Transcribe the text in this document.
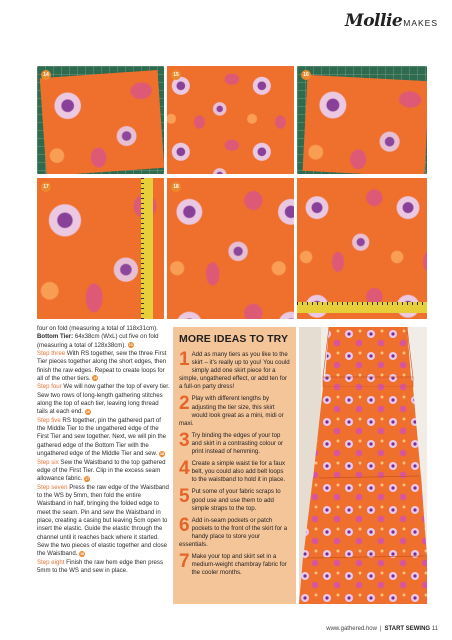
Mollie MAKES
14	15	16
17	18

four on fold (measuring a total of 118x31cm).

Bottom Tier: 64x38cm (WxL) cut five on fold (measuring a total of 128x38cm). 13

Step three With RS together, sew the three First Tier pieces together along the short edges, then finish the raw edges. Repeat to create loops for all of the other tiers. 14

Step four We will now gather the top of every tier. Sew two rows of long-length gathering stitches along the top of each tier, leaving long thread tails at each end. 15

Step five RS together, pin the gathered part of the Middle Tier to the ungathered edge of the First Tier and sew together. Next, we will pin the gathered edge of the Bottom Tier with the ungathered edge of the Middle Tier and sew. 16

Step six Sew the Waistband to the top gathered edge of the First Tier. Clip in the excess seam allowance fabric. 17

Step seven Press the raw edge of the Waistband to the WS by 5mm, then fold the entire Waistband in half, bringing the folded edge to meet the seam. Pin and sew the Waistband in place, creating a casing but leaving 5cm open to insert the elastic. Guide the elastic through the channel until it reaches back where it started. Sew the two pieces of elastic together and close the Waistband. 18

Step eight Finish the raw hem edge then press 5mm to the WS and sew in place.

MORE IDEAS TO TRY
1 Add as many tiers as you like to the skirt – it's really up to you! You could simply add one skirt piece for a simple, ungathered effect, or add ten for a full-on party dress!
2 Play with different lengths by adjusting the tier size, this skirt would look great as a mini, midi or maxi.
3 Try binding the edges of your top and skirt in a contrasting colour or print instead of hemming.
4 Create a simple waist tie for a faux belt, you could also add belt loops to the waistband to hold it in place.
5 Put some of your fabric scraps to good use and use them to add simple straps to the top.
6 Add in-seam pockets or patch pockets to the front of the skirt for a handy place to store your essentials.
7 Make your top and skirt set in a medium-weight chambray fabric for the cooler months.
www.gathered.how | START SEWING 11
